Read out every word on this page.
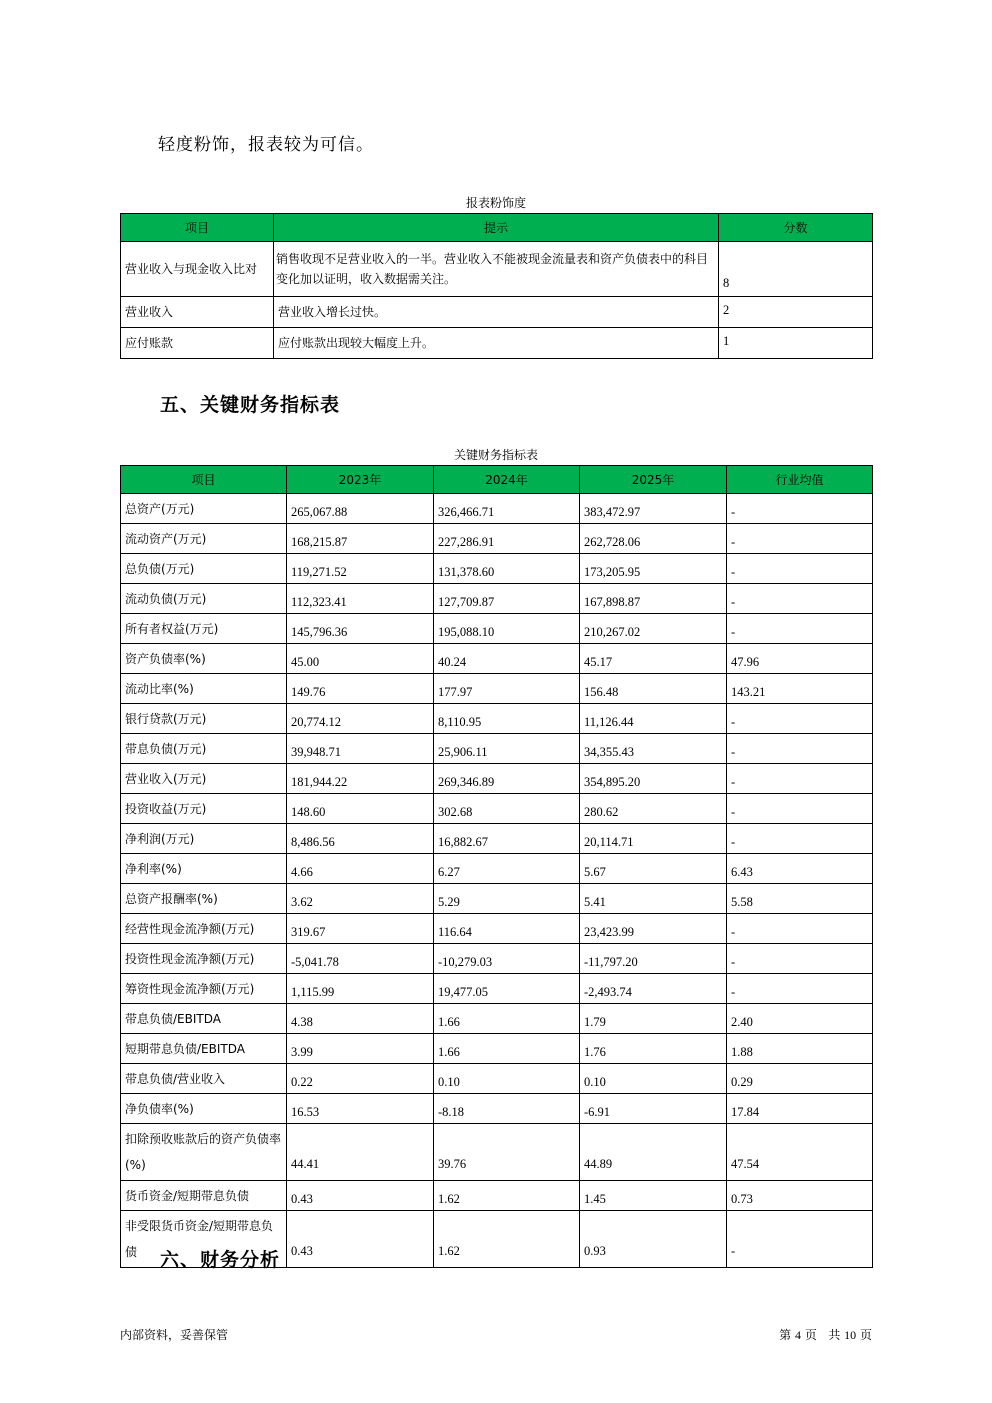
轻度粉饰，报表较为可信。
报表粉饰度
项目	提示	分数
营业收入与现金收入比对	销售收现不足营业收入的一半。营业收入不能被现金流量表和资产负债表中的科目变化加以证明，收入数据需关注。	8
营业收入	营业收入增长过快。	2
应付账款	应付账款出现较大幅度上升。	1
五、关键财务指标表
关键财务指标表
项目	2023年	2024年	2025年	行业均值
总资产(万元)	265,067.88	326,466.71	383,472.97	-
流动资产(万元)	168,215.87	227,286.91	262,728.06	-
总负债(万元)	119,271.52	131,378.60	173,205.95	-
流动负债(万元)	112,323.41	127,709.87	167,898.87	-
所有者权益(万元)	145,796.36	195,088.10	210,267.02	-
资产负债率(%)	45.00	40.24	45.17	47.96
流动比率(%)	149.76	177.97	156.48	143.21
银行贷款(万元)	20,774.12	8,110.95	11,126.44	-
带息负债(万元)	39,948.71	25,906.11	34,355.43	-
营业收入(万元)	181,944.22	269,346.89	354,895.20	-
投资收益(万元)	148.60	302.68	280.62	-
净利润(万元)	8,486.56	16,882.67	20,114.71	-
净利率(%)	4.66	6.27	5.67	6.43
总资产报酬率(%)	3.62	5.29	5.41	5.58
经营性现金流净额(万元)	319.67	116.64	23,423.99	-
投资性现金流净额(万元)	-5,041.78	-10,279.03	-11,797.20	-
筹资性现金流净额(万元)	1,115.99	19,477.05	-2,493.74	-
带息负债/EBITDA	4.38	1.66	1.79	2.40
短期带息负债/EBITDA	3.99	1.66	1.76	1.88
带息负债/营业收入	0.22	0.10	0.10	0.29
净负债率(%)	16.53	-8.18	-6.91	17.84
扣除预收账款后的资产负债率(%)	44.41	39.76	44.89	47.54
货币资金/短期带息负债	0.43	1.62	1.45	0.73
非受限货币资金/短期带息负债	0.43	1.62	0.93	-
六、财务分析
内部资料，妥善保管	第 4 页 共 10 页
